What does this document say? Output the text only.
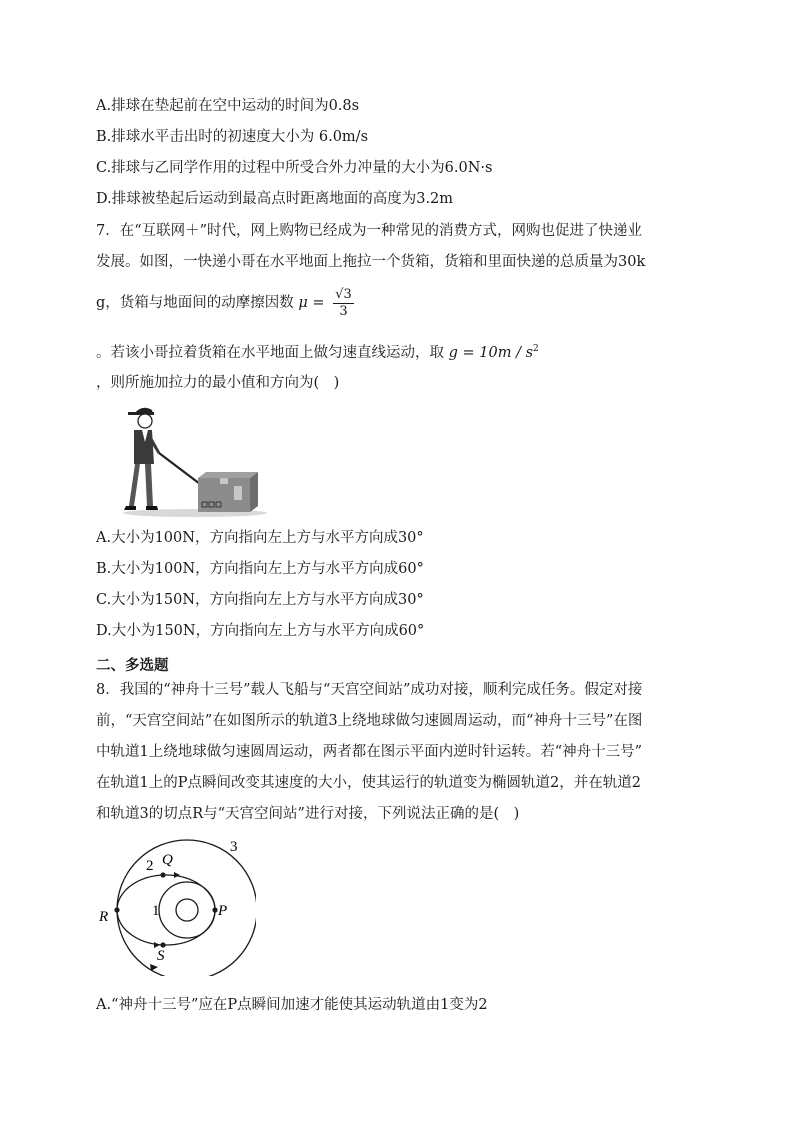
A.排球在垫起前在空中运动的时间为0.8s
B.排球水平击出时的初速度大小为 6.0m/s
C.排球与乙同学作用的过程中所受合外力冲量的大小为6.0N·s
D.排球被垫起后运动到最高点时距离地面的高度为3.2m
7．在“互联网＋”时代，网上购物已经成为一种常见的消费方式，网购也促进了快递业
发展。如图，一快递小哥在水平地面上拖拉一个货箱，货箱和里面快递的总质量为30k
g，货箱与地面间的动摩擦因数 $\mu = \frac{√3}{3}$
。若该小哥拉着货箱在水平地面上做匀速直线运动，取 $g = 10m / s^2$
，则所施加拉力的最小值和方向为(　)
A.大小为100N，方向指向左上方与水平方向成30°
B.大小为100N，方向指向左上方与水平方向成60°
C.大小为150N，方向指向左上方与水平方向成30°
D.大小为150N，方向指向左上方与水平方向成60°
二、多选题
8．我国的“神舟十三号”载人飞船与“天宫空间站”成功对接，顺利完成任务。假定对接
前，“天宫空间站”在如图所示的轨道3上绕地球做匀速圆周运动，而“神舟十三号”在图
中轨道1上绕地球做匀速圆周运动，两者都在图示平面内逆时针运转。若“神舟十三号”
在轨道1上的P点瞬间改变其速度的大小，使其运行的轨道变为椭圆轨道2，并在轨道2
和轨道3的切点R与“天宫空间站”进行对接，下列说法正确的是(　)
3
2
1
Q
P
R
S
A.“神舟十三号”应在P点瞬间加速才能使其运动轨道由1变为2
